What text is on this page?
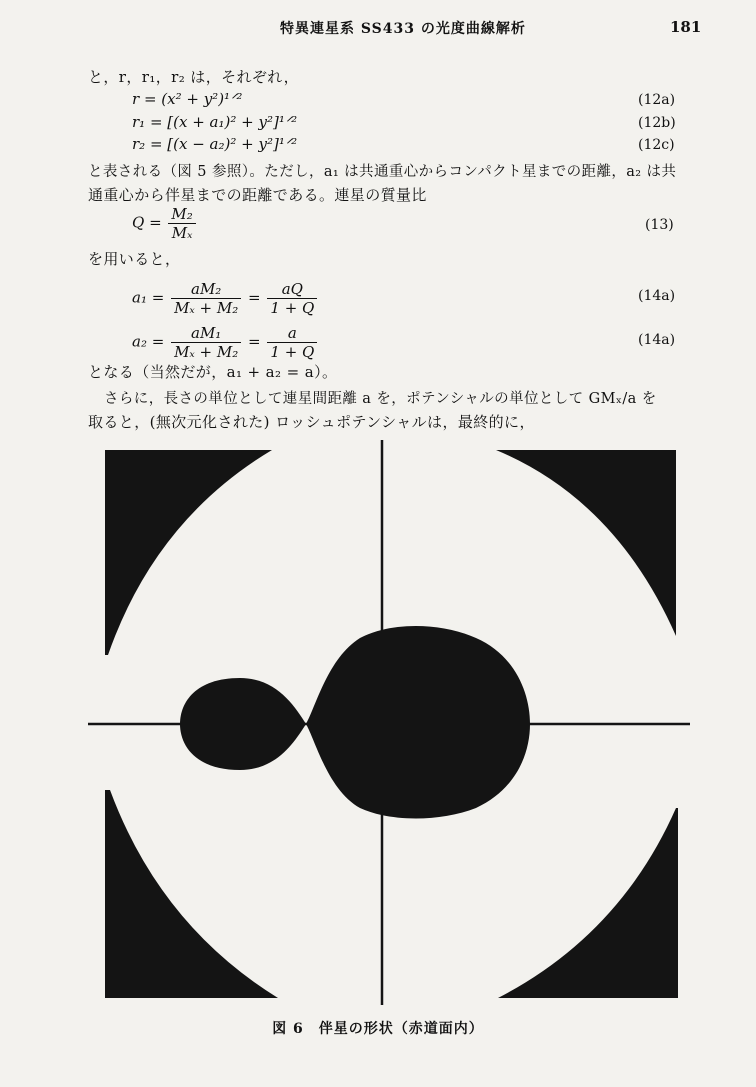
特異連星系 SS433 の光度曲線解析	181
と，r，r₁，r₂ は，それぞれ，
r = (x² + y²)¹ᐟ²	(12a)
r₁ = [(x + a₁)² + y²]¹ᐟ²	(12b)
r₂ = [(x − a₂)² + y²]¹ᐟ²	(12c)
と表される（図 5 参照）。ただし，a₁ は共通重心からコンパクト星までの距離，a₂ は共
通重心から伴星までの距離である。連星の質量比
$Q = \frac{\text{M₂}}{\text{Mₓ}}$	(13)
を用いると，
$a_1 = \frac{\text{aM₂}}{\text{Mₓ + M₂}} = \frac{aQ}{1 + Q}$	(14a)
$a_2 = \frac{\text{aM₁}}{\text{Mₓ + M₂}} = \frac{a}{1 + Q}$	(14a)
となる（当然だが，a₁ + a₂ = a）。
さらに，長さの単位として連星間距離 a を，ポテンシャルの単位として GMₓ/a を
取ると，(無次元化された) ロッシュポテンシャルは，最終的に，
図 6　伴星の形状（赤道面内）
